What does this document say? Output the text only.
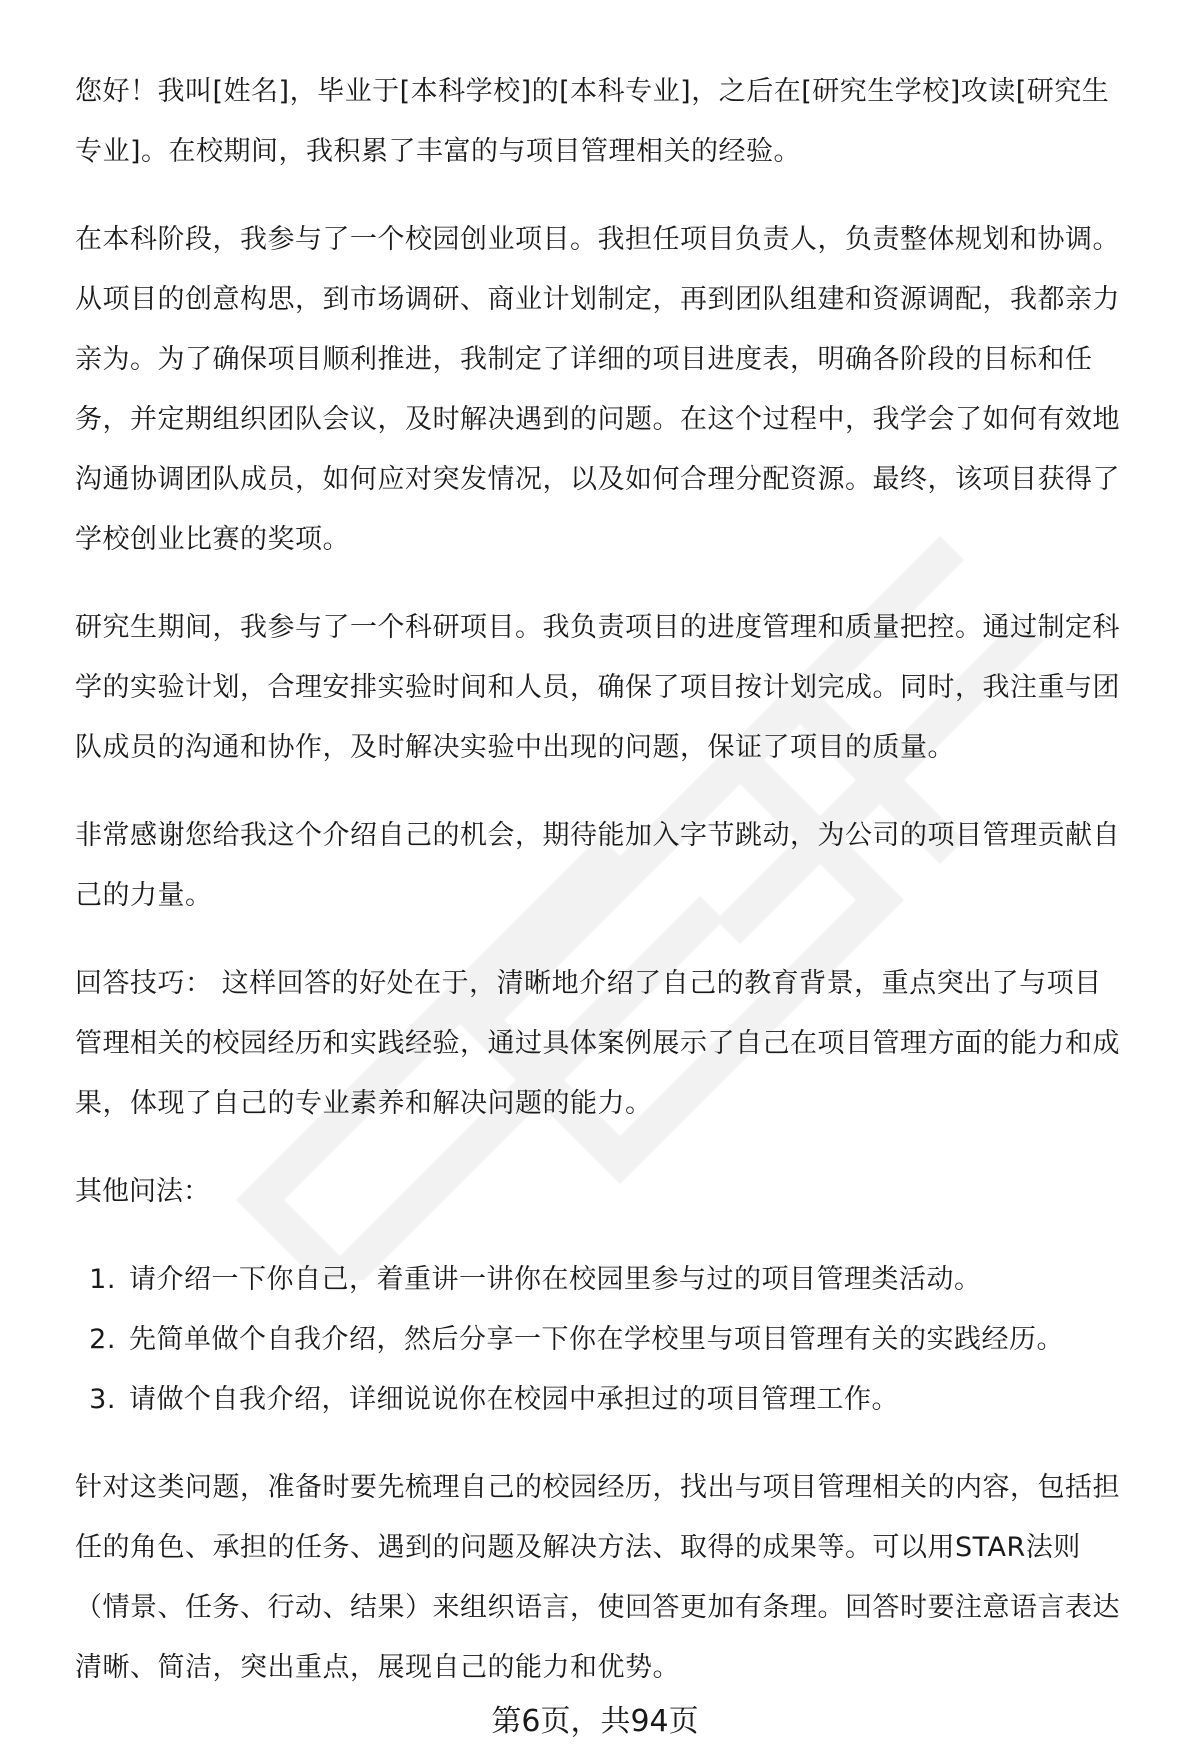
您好！我叫[姓名]，毕业于[本科学校]的[本科专业]，之后在[研究生学校]攻读[研究生专业]。在校期间，我积累了丰富的与项目管理相关的经验。

在本科阶段，我参与了一个校园创业项目。我担任项目负责人，负责整体规划和协调。从项目的创意构思，到市场调研、商业计划制定，再到团队组建和资源调配，我都亲力亲为。为了确保项目顺利推进，我制定了详细的项目进度表，明确各阶段的目标和任务，并定期组织团队会议，及时解决遇到的问题。在这个过程中，我学会了如何有效地沟通协调团队成员，如何应对突发情况，以及如何合理分配资源。最终，该项目获得了学校创业比赛的奖项。

研究生期间，我参与了一个科研项目。我负责项目的进度管理和质量把控。通过制定科学的实验计划，合理安排实验时间和人员，确保了项目按计划完成。同时，我注重与团队成员的沟通和协作，及时解决实验中出现的问题，保证了项目的质量。

非常感谢您给我这个介绍自己的机会，期待能加入字节跳动，为公司的项目管理贡献自己的力量。

回答技巧： 这样回答的好处在于，清晰地介绍了自己的教育背景，重点突出了与项目管理相关的校园经历和实践经验，通过具体案例展示了自己在项目管理方面的能力和成果，体现了自己的专业素养和解决问题的能力。

其他问法：

1. 请介绍一下你自己，着重讲一讲你在校园里参与过的项目管理类活动。
2. 先简单做个自我介绍，然后分享一下你在学校里与项目管理有关的实践经历。
3. 请做个自我介绍，详细说说你在校园中承担过的项目管理工作。

针对这类问题，准备时要先梳理自己的校园经历，找出与项目管理相关的内容，包括担任的角色、承担的任务、遇到的问题及解决方法、取得的成果等。可以用STAR法则（情景、任务、行动、结果）来组织语言，使回答更加有条理。回答时要注意语言表达清晰、简洁，突出重点，展现自己的能力和优势。

第6页，共94页
